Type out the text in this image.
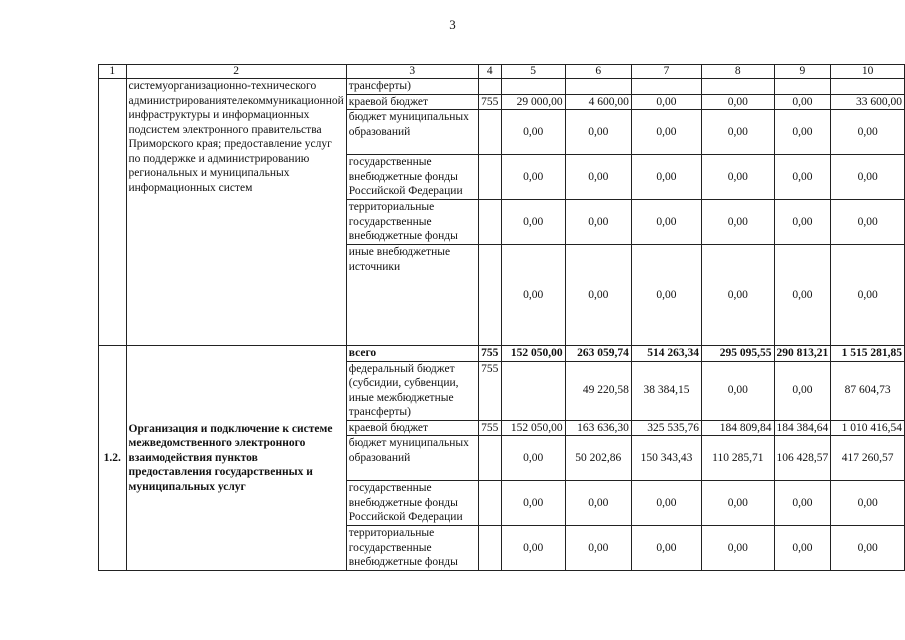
3
1	2	3	4	5	6	7	8	9	10
	системуорганизационно-технического администрированиятелекоммуникационной инфраструктуры и информационных подсистем электронного правительства Приморского края; предоставление услуг по поддержке и администрированию региональных и муниципальных информационных систем	трансферты)							
		краевой бюджет	755	29 000,00	4 600,00	0,00	0,00	0,00	33 600,00
		бюджет муниципальных образований		0,00	0,00	0,00	0,00	0,00	0,00
		государственные внебюджетные фонды Российской Федерации		0,00	0,00	0,00	0,00	0,00	0,00
		территориальные государственные внебюджетные фонды		0,00	0,00	0,00	0,00	0,00	0,00
		иные внебюджетные источники		0,00	0,00	0,00	0,00	0,00	0,00
1.2.	Организация и подключение к системе межведомственного электронного взаимодействия пунктов предоставления государственных и муниципальных услуг	всего	755	152 050,00	263 059,74	514 263,34	295 095,55	290 813,21	1 515 281,85
		федеральный бюджет (субсидии, субвенции, иные межбюджетные трансферты)	755		49 220,58	38 384,15	0,00	0,00	87 604,73
		краевой бюджет	755	152 050,00	163 636,30	325 535,76	184 809,84	184 384,64	1 010 416,54
		бюджет муниципальных образований		0,00	50 202,86	150 343,43	110 285,71	106 428,57	417 260,57
		государственные внебюджетные фонды Российской Федерации		0,00	0,00	0,00	0,00	0,00	0,00
		территориальные государственные внебюджетные фонды		0,00	0,00	0,00	0,00	0,00	0,00
